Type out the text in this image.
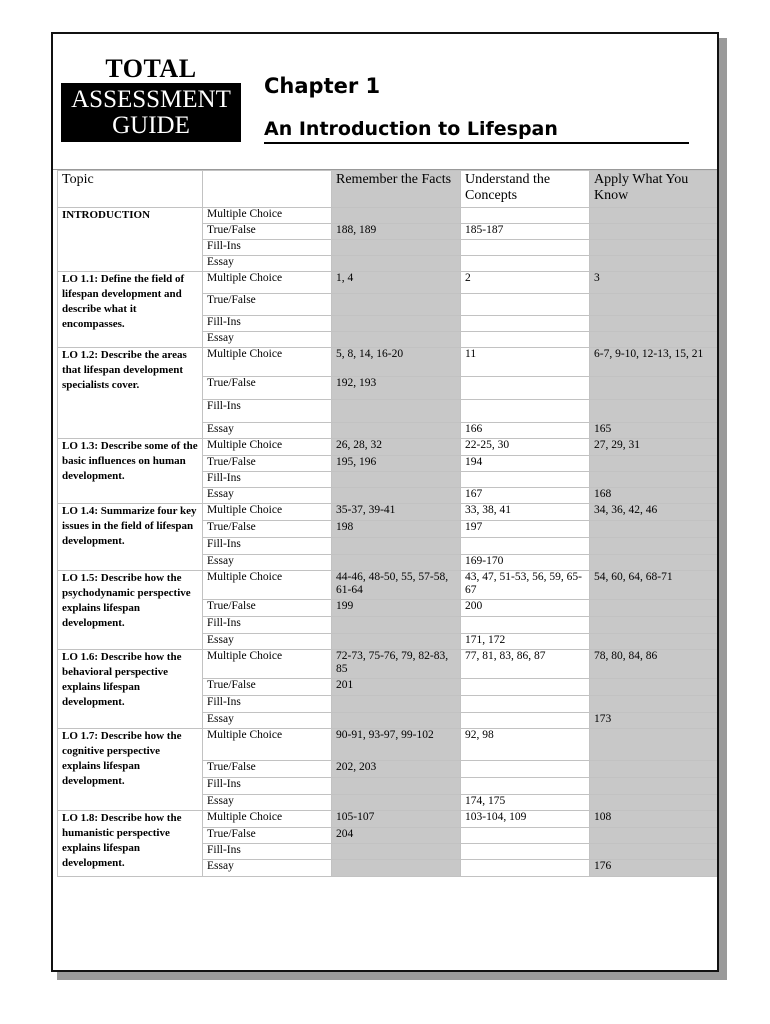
TOTAL
ASSESSMENT
GUIDE
Chapter 1
An Introduction to Lifespan
Topic		Remember the Facts	Understand the Concepts	Apply What You Know
INTRODUCTION	Multiple Choice			
	True/False	188, 189	185-187	
	Fill-Ins			
	Essay			
LO 1.1: Define the field of lifespan development and describe what it encompasses.	Multiple Choice	1, 4	2	3
	True/False			
	Fill-Ins			
	Essay			
LO 1.2: Describe the areas that lifespan development specialists cover.	Multiple Choice	5, 8, 14, 16-20	11	6-7, 9-10, 12-13, 15, 21
	True/False	192, 193		
	Fill-Ins			
	Essay		166	165
LO 1.3: Describe some of the basic influences on human development.	Multiple Choice	26, 28, 32	22-25, 30	27, 29, 31
	True/False	195, 196	194	
	Fill-Ins			
	Essay		167	168
LO 1.4: Summarize four key issues in the field of lifespan development.	Multiple Choice	35-37, 39-41	33, 38, 41	34, 36, 42, 46
	True/False	198	197	
	Fill-Ins			
	Essay		169-170	
LO 1.5: Describe how the psychodynamic perspective explains lifespan development.	Multiple Choice	44-46, 48-50, 55, 57-58, 61-64	43, 47, 51-53, 56, 59, 65-67	54, 60, 64, 68-71
	True/False	199	200	
	Fill-Ins			
	Essay		171, 172	
LO 1.6: Describe how the behavioral perspective explains lifespan development.	Multiple Choice	72-73, 75-76, 79, 82-83, 85	77, 81, 83, 86, 87	78, 80, 84, 86
	True/False	201		
	Fill-Ins			
	Essay			173
LO 1.7: Describe how the cognitive perspective explains lifespan development.	Multiple Choice	90-91, 93-97, 99-102	92, 98	
	True/False	202, 203		
	Fill-Ins			
	Essay		174, 175	
LO 1.8: Describe how the humanistic perspective explains lifespan development.	Multiple Choice	105-107	103-104, 109	108
	True/False	204		
	Fill-Ins			
	Essay			176
